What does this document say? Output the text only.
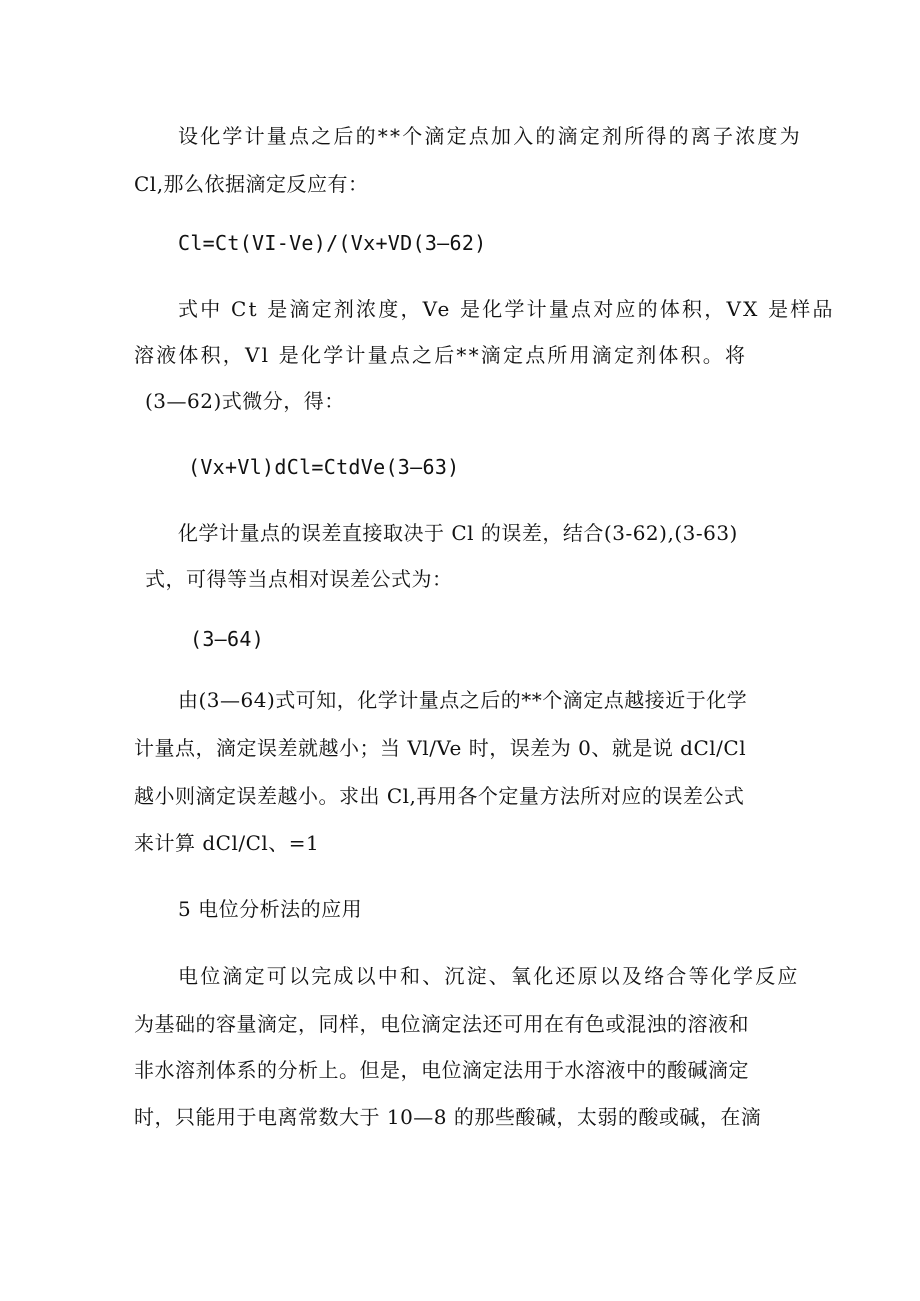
设化学计量点之后的**个滴定点加入的滴定剂所得的离子浓度为
Cl,那么依据滴定反应有：
Cl=Ct(VI-Ve)/(Vx+VD(3—62)
式中 Ct 是滴定剂浓度，Ve 是化学计量点对应的体积，VX 是样品
溶液体积，Vl 是化学计量点之后**滴定点所用滴定剂体积。将
(3—62)式微分，得：
(Vx+Vl)dCl=CtdVe(3—63)
化学计量点的误差直接取决于 Cl 的误差，结合(3-62),(3-63)
式，可得等当点相对误差公式为：
(3—64)
由(3—64)式可知，化学计量点之后的**个滴定点越接近于化学
计量点，滴定误差就越小；当 Vl/Ve 时，误差为 0、就是说 dCl/Cl
越小则滴定误差越小。求出 Cl,再用各个定量方法所对应的误差公式
来计算 dCl/Cl、=1
5 电位分析法的应用
电位滴定可以完成以中和、沉淀、氧化还原以及络合等化学反应
为基础的容量滴定，同样，电位滴定法还可用在有色或混浊的溶液和
非水溶剂体系的分析上。但是，电位滴定法用于水溶液中的酸碱滴定
时，只能用于电离常数大于 10—8 的那些酸碱，太弱的酸或碱，在滴
